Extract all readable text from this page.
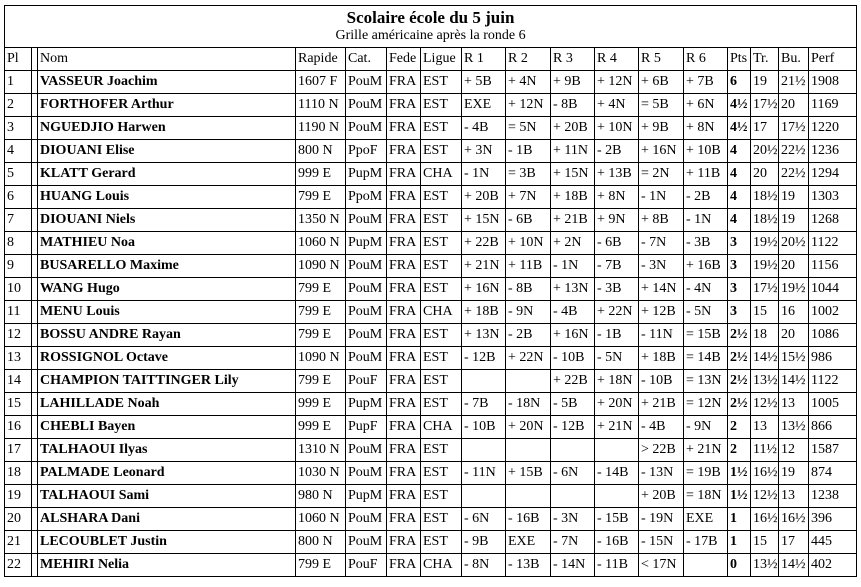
Scolaire école du 5 juin
Grille américaine après la ronde 6																

Pl		Nom	Rapide	Cat.	Fede	Ligue	R 1	R 2	R 3	R 4	R 5	R 6	Pts	Tr.	Bu.	Perf
1		VASSEUR Joachim	1607 F	PouM	FRA	EST	+ 5B	+ 4N	+ 9B	+ 12N	+ 6B	+ 7B	6	19	21½	1908
2		FORTHOFER Arthur	1110 N	PouM	FRA	EST	EXE	+ 12N	- 8B	+ 4N	= 5B	+ 6N	4½	17½	20	1169
3		NGUEDJIO Harwen	1190 N	PouM	FRA	EST	- 4B	= 5N	+ 20B	+ 10N	+ 9B	+ 8N	4½	17	17½	1220
4		DIOUANI Elise	800 N	PpoF	FRA	EST	+ 3N	- 1B	+ 11N	- 2B	+ 16N	+ 10B	4	20½	22½	1236
5		KLATT Gerard	999 E	PupM	FRA	CHA	- 1N	= 3B	+ 15N	+ 13B	= 2N	+ 11B	4	20	22½	1294
6		HUANG Louis	799 E	PpoM	FRA	EST	+ 20B	+ 7N	+ 18B	+ 8N	- 1N	- 2B	4	18½	19	1303
7		DIOUANI Niels	1350 N	PouM	FRA	EST	+ 15N	- 6B	+ 21B	+ 9N	+ 8B	- 1N	4	18½	19	1268
8		MATHIEU Noa	1060 N	PupM	FRA	EST	+ 22B	+ 10N	+ 2N	- 6B	- 7N	- 3B	3	19½	20½	1122
9		BUSARELLO Maxime	1090 N	PouM	FRA	EST	+ 21N	+ 11B	- 1N	- 7B	- 3N	+ 16B	3	19½	20	1156
10		WANG Hugo	799 E	PouM	FRA	EST	+ 16N	- 8B	+ 13N	- 3B	+ 14N	- 4N	3	17½	19½	1044
11		MENU Louis	799 E	PouM	FRA	CHA	+ 18B	- 9N	- 4B	+ 22N	+ 12B	- 5N	3	15	16	1002
12		BOSSU ANDRE Rayan	799 E	PouM	FRA	EST	+ 13N	- 2B	+ 16N	- 1B	- 11N	= 15B	2½	18	20	1086
13		ROSSIGNOL Octave	1090 N	PouM	FRA	EST	- 12B	+ 22N	- 10B	- 5N	+ 18B	= 14B	2½	14½	15½	986
14		CHAMPION TAITTINGER Lily	799 E	PouF	FRA	EST			+ 22B	+ 18N	- 10B	= 13N	2½	13½	14½	1122
15		LAHILLADE Noah	999 E	PupM	FRA	EST	- 7B	- 18N	- 5B	+ 20N	+ 21B	= 12N	2½	12½	13	1005
16		CHEBLI Bayen	999 E	PupF	FRA	CHA	- 10B	+ 20N	- 12B	+ 21N	- 4B	- 9N	2	13	13½	866
17		TALHAOUI Ilyas	1310 N	PouM	FRA	EST					> 22B	+ 21N	2	11½	12	1587
18		PALMADE Leonard	1030 N	PouM	FRA	EST	- 11N	+ 15B	- 6N	- 14B	- 13N	= 19B	1½	16½	19	874
19		TALHAOUI Sami	980 N	PupM	FRA	EST					+ 20B	= 18N	1½	12½	13	1238
20		ALSHARA Dani	1060 N	PouM	FRA	EST	- 6N	- 16B	- 3N	- 15B	- 19N	EXE	1	16½	16½	396
21		LECOUBLET Justin	800 N	PouM	FRA	EST	- 9B	EXE	- 7N	- 16B	- 15N	- 17B	1	15	17	445
22		MEHIRI Nelia	799 E	PouF	FRA	CHA	- 8N	- 13B	- 14N	- 11B	< 17N		0	13½	14½	402
